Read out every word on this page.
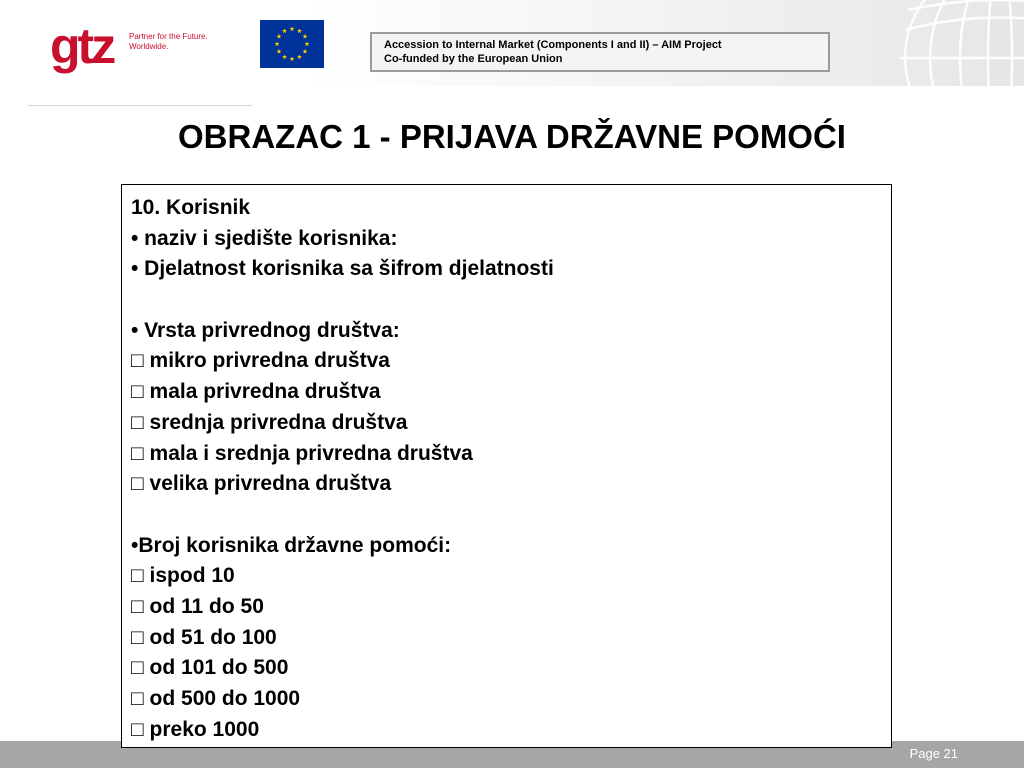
gtz Partner for the Future.
Worldwide.	Accession to Internal Market (Components I and II) – AIM Project
Co-funded by the European Union
OBRAZAC 1 - PRIJAVA DRŽAVNE POMOĆI
10. Korisnik
• naziv i sjedište korisnika:
• Djelatnost korisnika sa šifrom djelatnosti
• Vrsta privrednog društva:
□ mikro privredna društva
□ mala privredna društva
□ srednja privredna društva
□ mala i srednja privredna društva
□ velika privredna društva
•Broj korisnika državne pomoći:
□ ispod 10
□ od 11 do 50
□ od 51 do 100
□ od 101 do 500
□ od 500 do 1000
□ preko 1000
Page 21
